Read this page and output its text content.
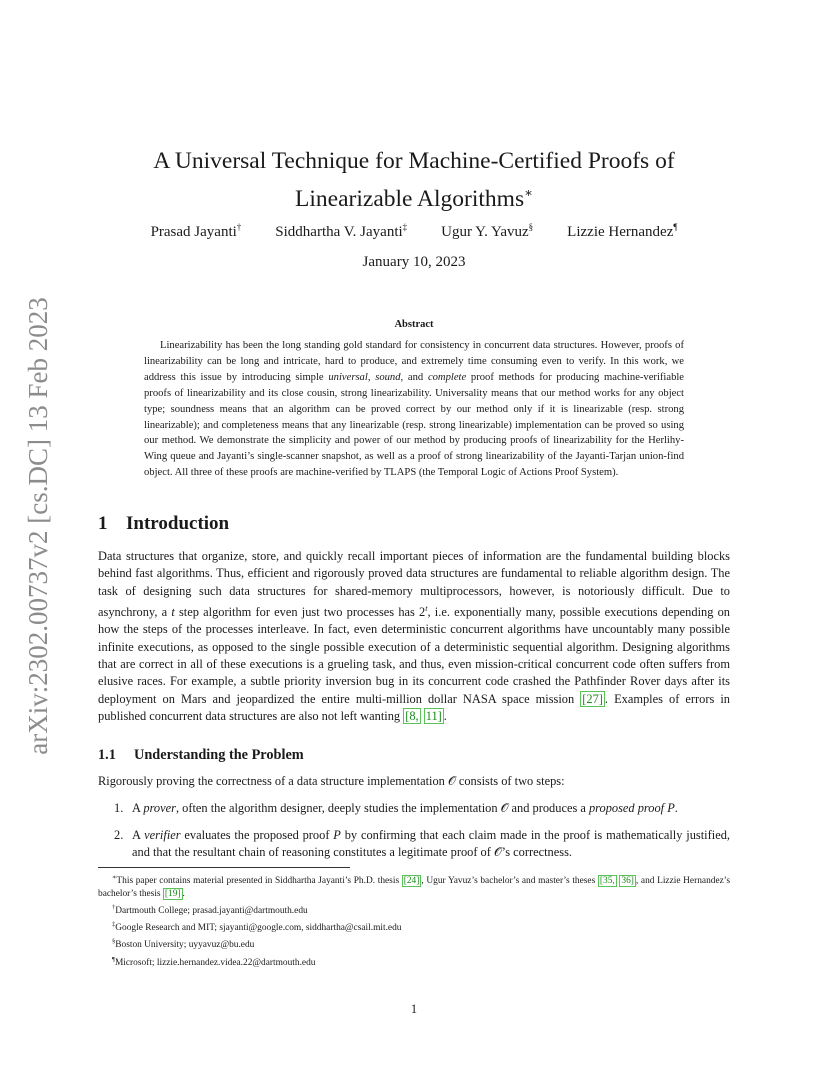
arXiv:2302.00737v2 [cs.DC] 13 Feb 2023
A Universal Technique for Machine-Certified Proofs of
Linearizable Algorithms∗
Prasad Jayanti† Siddhartha V. Jayanti‡ Ugur Y. Yavuz§ Lizzie Hernandez¶
January 10, 2023
Abstract
Linearizability has been the long standing gold standard for consistency in concurrent data structures. However, proofs of linearizability can be long and intricate, hard to produce, and extremely time consuming even to verify. In this work, we address this issue by introducing simple universal, sound, and complete proof methods for producing machine-verifiable proofs of linearizability and its close cousin, strong linearizability. Universality means that our method works for any object type; soundness means that an algorithm can be proved correct by our method only if it is linearizable (resp. strong linearizable); and completeness means that any linearizable (resp. strong linearizable) implementation can be proved so using our method. We demonstrate the simplicity and power of our method by producing proofs of linearizability for the Herlihy-Wing queue and Jayanti’s single-scanner snapshot, as well as a proof of strong linearizability of the Jayanti-Tarjan union-find object. All three of these proofs are machine-verified by TLAPS (the Temporal Logic of Actions Proof System).
1 Introduction
Data structures that organize, store, and quickly recall important pieces of information are the fundamental building blocks behind fast algorithms. Thus, efficient and rigorously proved data structures are fundamental to reliable algorithm design. The task of designing such data structures for shared-memory multiprocessors, however, is notoriously difficult. Due to asynchrony, a t step algorithm for even just two processes has 2$^t$, i.e. exponentially many, possible executions depending on how the steps of the processes interleave. In fact, even deterministic concurrent algorithms have uncountably many possible infinite executions, as opposed to the single possible execution of a deterministic sequential algorithm. Designing algorithms that are correct in all of these executions is a grueling task, and thus, even mission-critical concurrent code often suffers from elusive races. For example, a subtle priority inversion bug in its concurrent code crashed the Pathfinder Rover days after its deployment on Mars and jeopardized the entire multi-million dollar NASA space mission [27] . Examples of errors in published concurrent data structures are also not left wanting [8, 11] .
1.1 Understanding the Problem
Rigorously proving the correctness of a data structure implementation 𝒪 consists of two steps:
1. A prover, often the algorithm designer, deeply studies the implementation 𝒪 and produces a proposed proof P.
2. A verifier evaluates the proposed proof P by confirming that each claim made in the proof is mathematically justified, and that the resultant chain of reasoning constitutes a legitimate proof of 𝒪’s correctness.
∗This paper contains material presented in Siddhartha Jayanti’s Ph.D. thesis [24] , Ugur Yavuz’s bachelor’s and master’s theses [35, 36] , and Lizzie Hernandez’s bachelor’s thesis [19] .
†Dartmouth College; prasad.jayanti@dartmouth.edu
‡Google Research and MIT; sjayanti@google.com, siddhartha@csail.mit.edu
§Boston University; uyyavuz@bu.edu
¶Microsoft; lizzie.hernandez.videa.22@dartmouth.edu
1
